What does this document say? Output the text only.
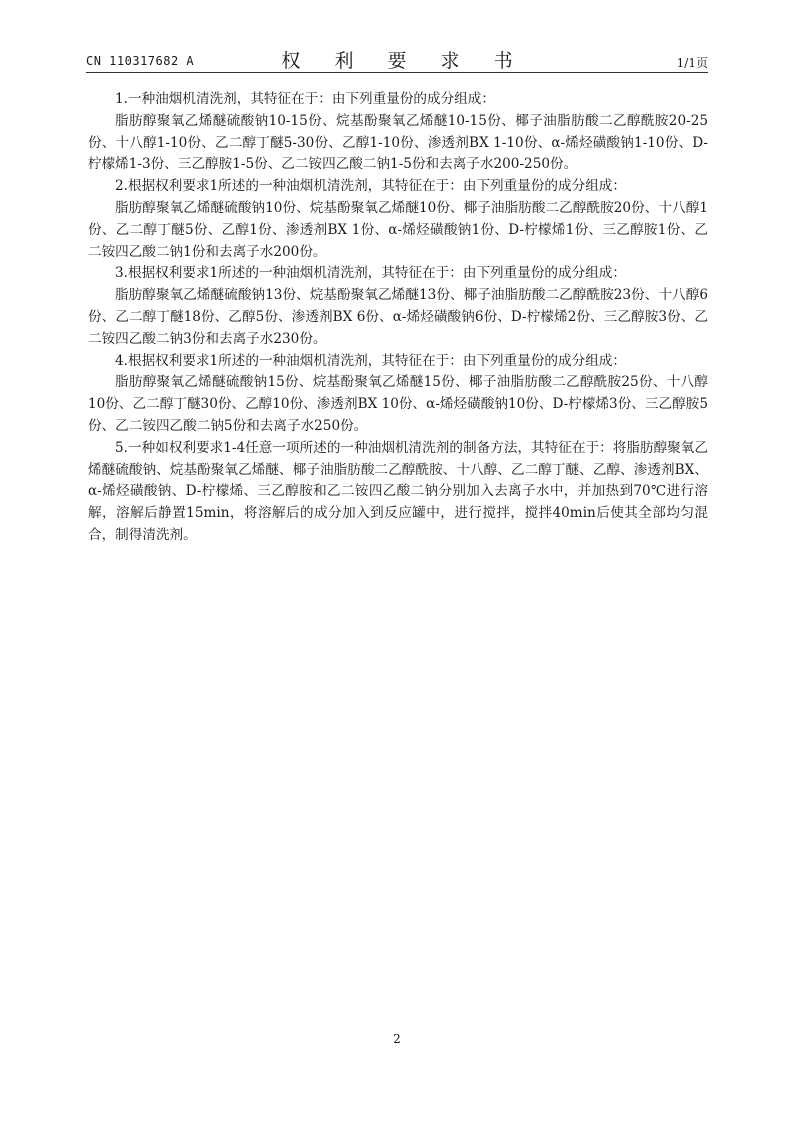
CN 110317682 A	权 利 要 求 书	1/1页

1.一种油烟机清洗剂，其特征在于：由下列重量份的成分组成：

脂肪醇聚氧乙烯醚硫酸钠10-15份、烷基酚聚氧乙烯醚10-15份、椰子油脂肪酸二乙醇酰胺20-25份、十八醇1-10份、乙二醇丁醚5-30份、乙醇1-10份、渗透剂BX 1-10份、α-烯烃磺酸钠1-10份、D-柠檬烯1-3份、三乙醇胺1-5份、乙二铵四乙酸二钠1-5份和去离子水200-250份。

2.根据权利要求1所述的一种油烟机清洗剂，其特征在于：由下列重量份的成分组成：

脂肪醇聚氧乙烯醚硫酸钠10份、烷基酚聚氧乙烯醚10份、椰子油脂肪酸二乙醇酰胺20份、十八醇1份、乙二醇丁醚5份、乙醇1份、渗透剂BX 1份、α-烯烃磺酸钠1份、D-柠檬烯1份、三乙醇胺1份、乙二铵四乙酸二钠1份和去离子水200份。

3.根据权利要求1所述的一种油烟机清洗剂，其特征在于：由下列重量份的成分组成：

脂肪醇聚氧乙烯醚硫酸钠13份、烷基酚聚氧乙烯醚13份、椰子油脂肪酸二乙醇酰胺23份、十八醇6份、乙二醇丁醚18份、乙醇5份、渗透剂BX 6份、α-烯烃磺酸钠6份、D-柠檬烯2份、三乙醇胺3份、乙二铵四乙酸二钠3份和去离子水230份。

4.根据权利要求1所述的一种油烟机清洗剂，其特征在于：由下列重量份的成分组成：

脂肪醇聚氧乙烯醚硫酸钠15份、烷基酚聚氧乙烯醚15份、椰子油脂肪酸二乙醇酰胺25份、十八醇10份、乙二醇丁醚30份、乙醇10份、渗透剂BX 10份、α-烯烃磺酸钠10份、D-柠檬烯3份、三乙醇胺5份、乙二铵四乙酸二钠5份和去离子水250份。

5.一种如权利要求1-4任意一项所述的一种油烟机清洗剂的制备方法，其特征在于：将脂肪醇聚氧乙烯醚硫酸钠、烷基酚聚氧乙烯醚、椰子油脂肪酸二乙醇酰胺、十八醇、乙二醇丁醚、乙醇、渗透剂BX、α-烯烃磺酸钠、D-柠檬烯、三乙醇胺和乙二铵四乙酸二钠分别加入去离子水中，并加热到70℃进行溶解，溶解后静置15min，将溶解后的成分加入到反应罐中，进行搅拌，搅拌40min后使其全部均匀混合，制得清洗剂。

2
